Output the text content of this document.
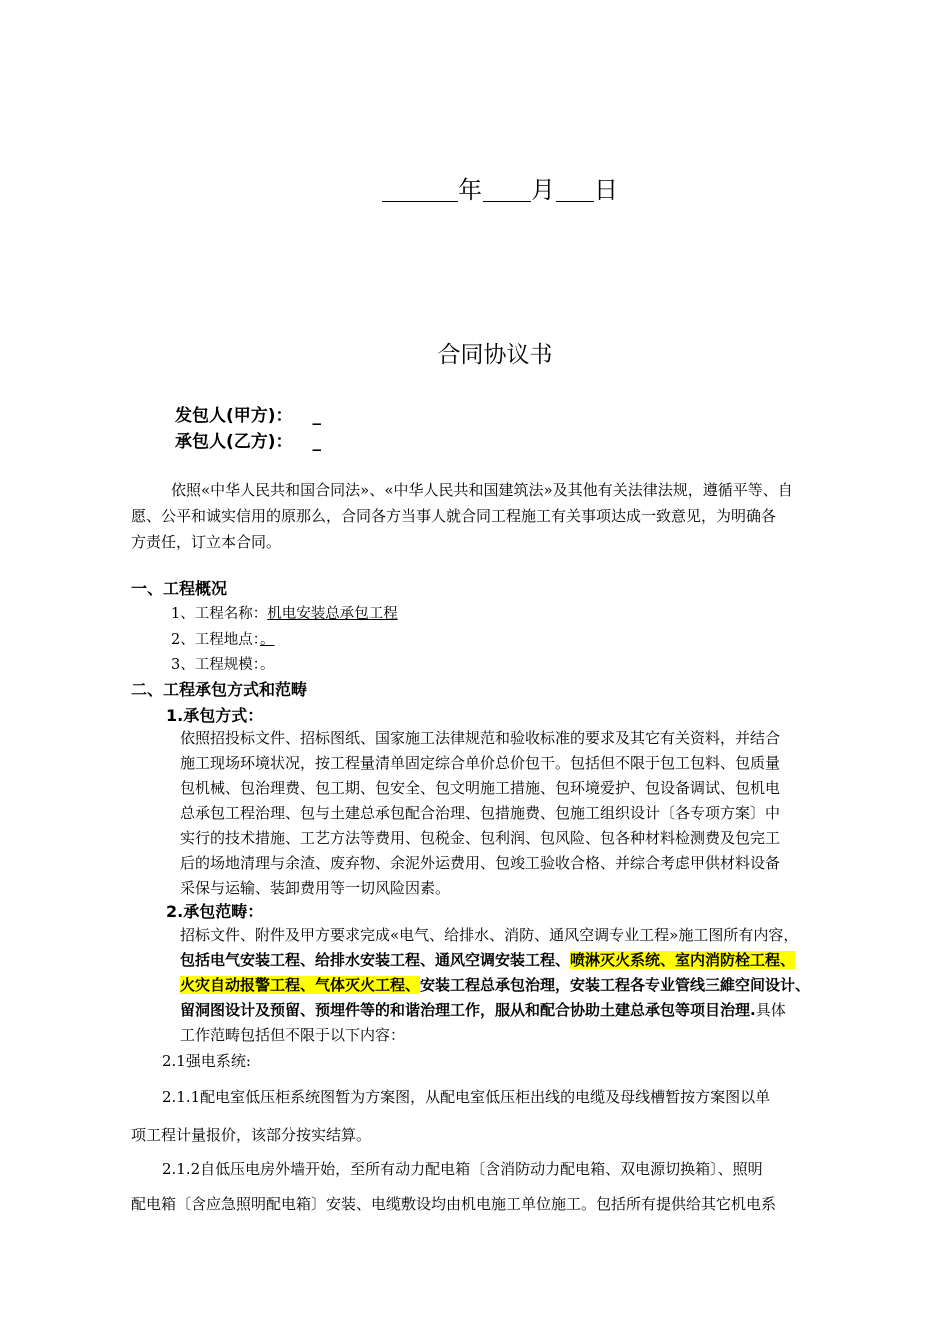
年 月 日
合同协议书
发包人(甲方)： _
承包人(乙方)： _
依照«中华人民共和国合同法»、«中华人民共和国建筑法»及其他有关法律法规，遵循平等、自
愿、公平和诚实信用的原那么，合同各方当事人就合同工程施工有关事项达成一致意见，为明确各
方责任，订立本合同。
一、工程概况
1、工程名称：机电安装总承包工程
2、工程地点：。
3、工程规模：。
二、工程承包方式和范畴
1.承包方式：
依照招投标文件、招标图纸、国家施工法律规范和验收标准的要求及其它有关资料，并结合
施工现场环境状况，按工程量清单固定综合单价总价包干。包括但不限于包工包料、包质量
包机械、包治理费、包工期、包安全、包文明施工措施、包环境爱护、包设备调试、包机电
总承包工程治理、包与土建总承包配合治理、包措施费、包施工组织设计〔各专项方案〕中
实行的技术措施、工艺方法等费用、包税金、包利润、包风险、包各种材料检测费及包完工
后的场地清理与余渣、废弃物、余泥外运费用、包竣工验收合格、并综合考虑甲供材料设备
采保与运输、装卸费用等一切风险因素。
2.承包范畴：
招标文件、附件及甲方要求完成«电气、给排水、消防、通风空调专业工程»施工图所有内容，
包括电气安装工程、给排水安装工程、通风空调安装工程、喷淋灭火系统、室内消防栓工程、
火灾自动报警工程、气体灭火工程、安装工程总承包治理，安装工程各专业管线三維空间设计、
留洞图设计及预留、预埋件等的和谐治理工作，服从和配合协助土建总承包等项目治理.具体
工作范畴包括但不限于以下内容：
2.1强电系统:
2.1.1配电室低压柜系统图暂为方案图，从配电室低压柜出线的电缆及母线槽暂按方案图以单
项工程计量报价，该部分按实结算。
2.1.2自低压电房外墙开始，至所有动力配电箱〔含消防动力配电箱、双电源切换箱〕、照明
配电箱〔含应急照明配电箱〕安装、电缆敷设均由机电施工单位施工。包括所有提供给其它机电系
